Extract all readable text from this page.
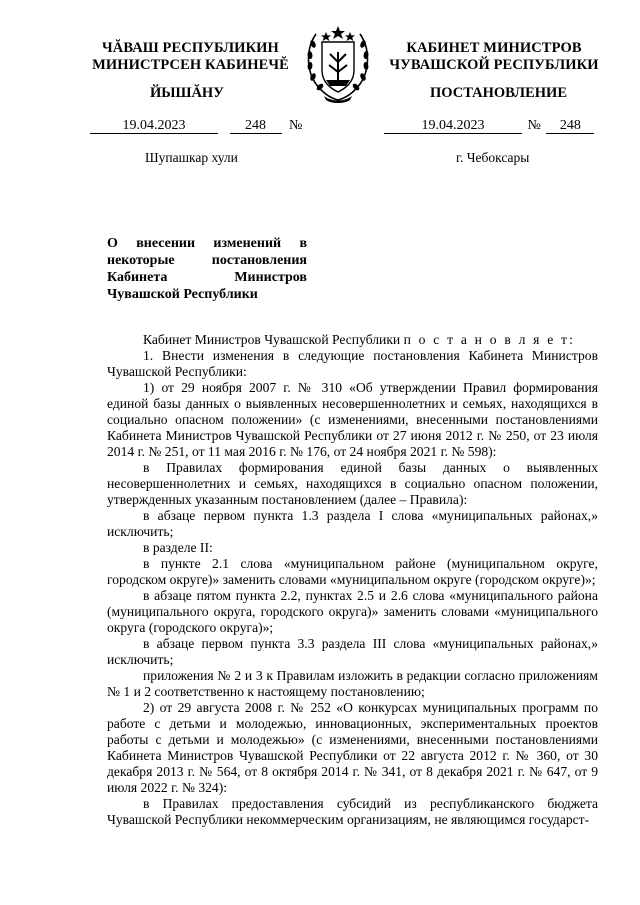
ЧĂВАШ РЕСПУБЛИКИН
МИНИСТРСЕН КАБИНЕЧĔ
КАБИНЕТ МИНИСТРОВ
ЧУВАШСКОЙ РЕСПУБЛИКИ
ЙЫШĂНУ	ПОСТАНОВЛЕНИЕ
19.04.2023	248 №	19.04.2023	№ 248
Шупашкар хули	г. Чебоксары
О внесении изменений в некоторые постановления Кабинета Министров Чувашской Республики

Кабинет Министров Чувашской Республики п о с т а н о в л я е т:

1. Внести изменения в следующие постановления Кабинета Министров Чувашской Республики:

1) от 29 ноября 2007 г. № 310 «Об утверждении Правил формирования единой базы данных о выявленных несовершеннолетних и семьях, находящихся в социально опасном положении» (с изменениями, внесенными постановлениями Кабинета Министров Чувашской Республики от 27 июня 2012 г. № 250, от 23 июля 2014 г. № 251, от 11 мая 2016 г. № 176, от 24 ноября 2021 г. № 598):

в Правилах формирования единой базы данных о выявленных несовершеннолетних и семьях, находящихся в социально опасном положении, утвержденных указанным постановлением (далее – Правила):

в абзаце первом пункта 1.3 раздела I слова «муниципальных районах,» исключить;

в разделе II:

в пункте 2.1 слова «муниципальном районе (муниципальном округе, городском округе)» заменить словами «муниципальном округе (городском округе)»;

в абзаце пятом пункта 2.2, пунктах 2.5 и 2.6 слова «муниципального района (муниципального округа, городского округа)» заменить словами «муниципального округа (городского округа)»;

в абзаце первом пункта 3.3 раздела III слова «муниципальных районах,» исключить;

приложения № 2 и 3 к Правилам изложить в редакции согласно приложениям № 1 и 2 соответственно к настоящему постановлению;

2) от 29 августа 2008 г. № 252 «О конкурсах муниципальных программ по работе с детьми и молодежью, инновационных, экспериментальных проектов работы с детьми и молодежью» (с изменениями, внесенными постановлениями Кабинета Министров Чувашской Республики от 22 августа 2012 г. № 360, от 30 декабря 2013 г. № 564, от 8 октября 2014 г. № 341, от 8 декабря 2021 г. № 647, от 9 июля 2022 г. № 324):

в Правилах предоставления субсидий из республиканского бюджета Чувашской Республики некоммерческим организациям, не являющимся государст-
